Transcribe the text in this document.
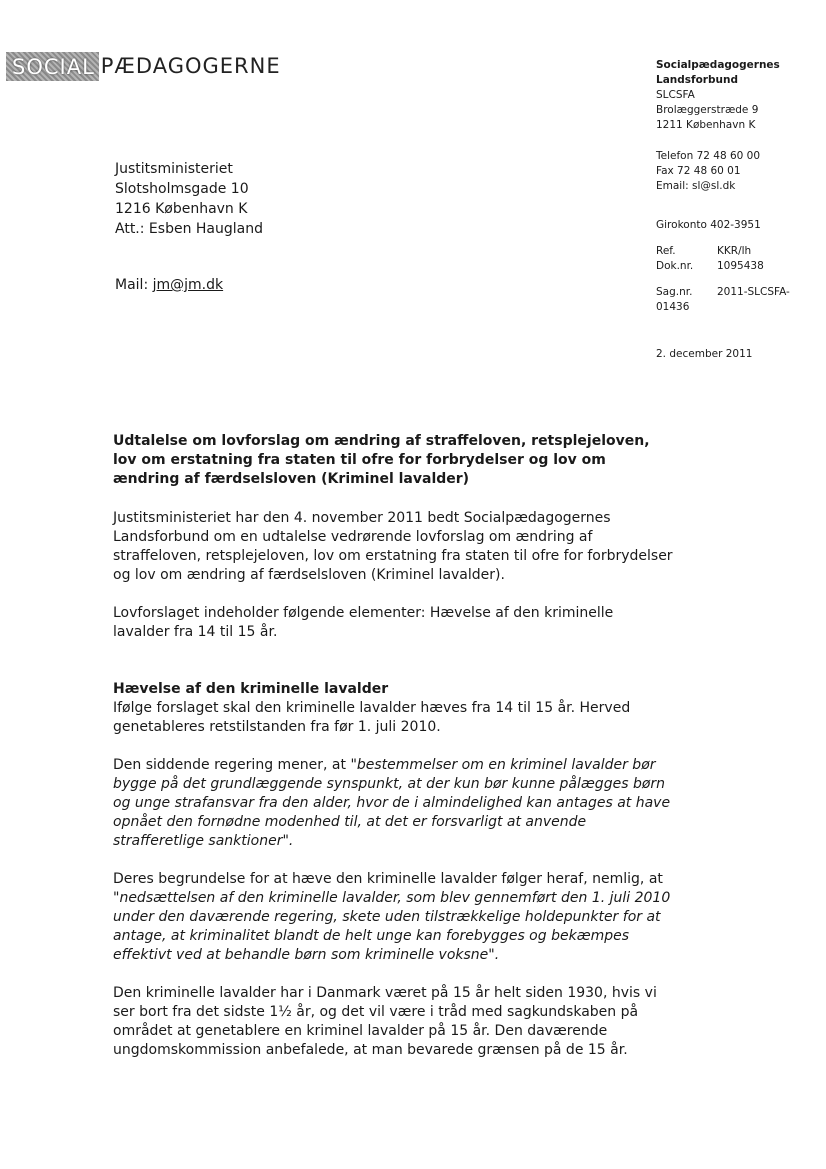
SOCIAL PÆDAGOGERNE	Socialpædagogernes
Landsforbund
SLCSFA
Brolæggerstræde 9
1211 København K
Telefon 72 48 60 00
Fax 72 48 60 01
Email: sl@sl.dk
Girokonto 402-3951
Ref.	KKR/lh
Dok.nr.	1095438
Sag.nr.	2011-SLCSFA-
01436
2. december 2011
Justitsministeriet
Slotsholmsgade 10
1216 København K
Att.: Esben Haugland
Mail: jm@jm.dk
Udtalelse om lovforslag om ændring af straffeloven, retsplejeloven, lov om erstatning fra staten til ofre for forbrydelser og lov om ændring af færdselsloven (Kriminel lavalder)

Justitsministeriet har den 4. november 2011 bedt Socialpædagogernes Landsforbund om en udtalelse vedrørende lovforslag om ændring af straffeloven, retsplejeloven, lov om erstatning fra staten til ofre for forbrydelser og lov om ændring af færdselsloven (Kriminel lavalder).

Lovforslaget indeholder følgende elementer: Hævelse af den kriminelle lavalder fra 14 til 15 år.

Hævelse af den kriminelle lavalder

Ifølge forslaget skal den kriminelle lavalder hæves fra 14 til 15 år. Herved genetableres retstilstanden fra før 1. juli 2010.

Den siddende regering mener, at "bestemmelser om en kriminel lavalder bør bygge på det grundlæggende synspunkt, at der kun bør kunne pålægges børn og unge strafansvar fra den alder, hvor de i almindelighed kan antages at have opnået den fornødne modenhed til, at det er forsvarligt at anvende strafferetlige sanktioner".

Deres begrundelse for at hæve den kriminelle lavalder følger heraf, nemlig, at "nedsættelsen af den kriminelle lavalder, som blev gennemført den 1. juli 2010 under den daværende regering, skete uden tilstrækkelige holdepunkter for at antage, at kriminalitet blandt de helt unge kan forebygges og bekæmpes effektivt ved at behandle børn som kriminelle voksne".

Den kriminelle lavalder har i Danmark været på 15 år helt siden 1930, hvis vi ser bort fra det sidste 1½ år, og det vil være i tråd med sagkundskaben på området at genetablere en kriminel lavalder på 15 år. Den daværende ungdomskommission anbefalede, at man bevarede grænsen på de 15 år.
